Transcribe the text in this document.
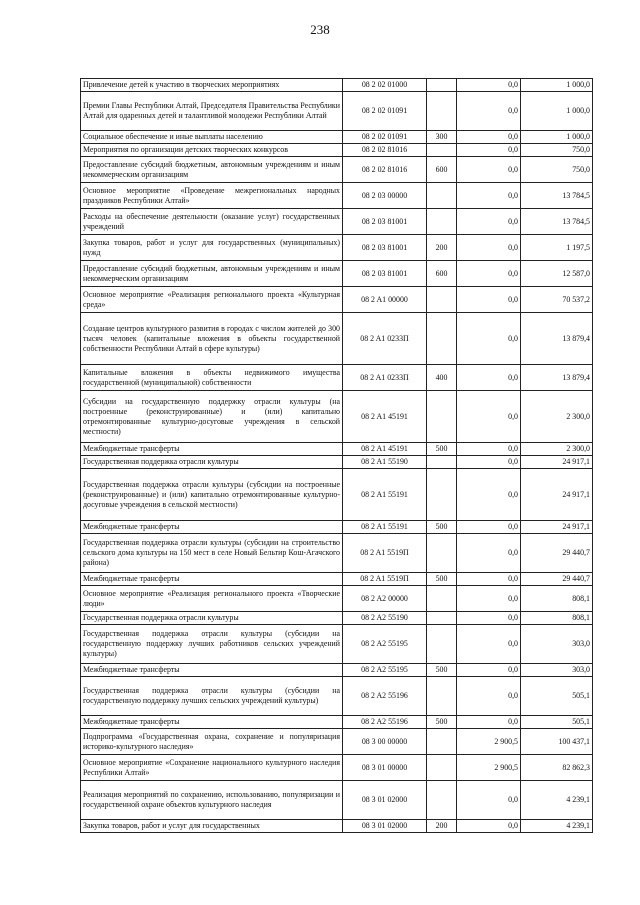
238
Привлечение детей к участию в творческих мероприятиях	08 2 02 01000		0,0	1 000,0
Премии Главы Республики Алтай, Председателя Правительства Республики Алтай для одаренных детей и талантливой молодежи Республики Алтай	08 2 02 01091		0,0	1 000,0
Социальное обеспечение и иные выплаты населению	08 2 02 01091	300	0,0	1 000,0
Мероприятия по организации детских творческих конкурсов	08 2 02 81016		0,0	750,0
Предоставление субсидий бюджетным, автономным учреждениям и иным некоммерческим организациям	08 2 02 81016	600	0,0	750,0
Основное мероприятие «Проведение межрегиональных народных праздников Республики Алтай»	08 2 03 00000		0,0	13 784,5
Расходы на обеспечение деятельности (оказание услуг) государственных учреждений	08 2 03 81001		0,0	13 784,5
Закупка товаров, работ и услуг для государственных (муниципальных) нужд	08 2 03 81001	200	0,0	1 197,5
Предоставление субсидий бюджетным, автономным учреждениям и иным некоммерческим организациям	08 2 03 81001	600	0,0	12 587,0
Основное мероприятие «Реализация регионального проекта «Культурная среда»	08 2 A1 00000		0,0	70 537,2
Создание центров культурного развития в городах с числом жителей до 300 тысяч человек (капитальные вложения в объекты государственной собственности Республики Алтай в сфере культуры)	08 2 A1 0233П		0,0	13 879,4
Капитальные вложения в объекты недвижимого имущества государственной (муниципальной) собственности	08 2 A1 0233П	400	0,0	13 879,4
Субсидии на государственную поддержку отрасли культуры (на построенные (реконструированные) и (или) капитально отремонтированные культурно-досуговые учреждения в сельской местности)	08 2 A1 45191		0,0	2 300,0
Межбюджетные трансферты	08 2 A1 45191	500	0,0	2 300,0
Государственная поддержка отрасли культуры	08 2 A1 55190		0,0	24 917,1
Государственная поддержка отрасли культуры (субсидии на построенные (реконструированные) и (или) капитально отремонтированные культурно-досуговые учреждения в сельской местности)	08 2 A1 55191		0,0	24 917,1
Межбюджетные трансферты	08 2 A1 55191	500	0,0	24 917,1
Государственная поддержка отрасли культуры (субсидии на строительство сельского дома культуры на 150 мест в селе Новый Бельтир Кош-Агачского района)	08 2 A1 5519П		0,0	29 440,7
Межбюджетные трансферты	08 2 A1 5519П	500	0,0	29 440,7
Основное мероприятие «Реализация регионального проекта «Творческие люди»	08 2 A2 00000		0,0	808,1
Государственная поддержка отрасли культуры	08 2 A2 55190		0,0	808,1
Государственная поддержка отрасли культуры (субсидии на государственную поддержку лучших работников сельских учреждений культуры)	08 2 A2 55195		0,0	303,0
Межбюджетные трансферты	08 2 A2 55195	500	0,0	303,0
Государственная поддержка отрасли культуры (субсидии на государственную поддержку лучших сельских учреждений культуры)	08 2 A2 55196		0,0	505,1
Межбюджетные трансферты	08 2 A2 55196	500	0,0	505,1
Подпрограмма «Государственная охрана, сохранение и популяризация историко-культурного наследия»	08 3 00 00000		2 900,5	100 437,1
Основное мероприятие «Сохранение национального культурного наследия Республики Алтай»	08 3 01 00000		2 900,5	82 862,3
Реализация мероприятий по сохранению, использованию, популяризации и государственной охране объектов культурного наследия	08 3 01 02000		0,0	4 239,1
Закупка товаров, работ и услуг для государственных	08 3 01 02000	200	0,0	4 239,1
